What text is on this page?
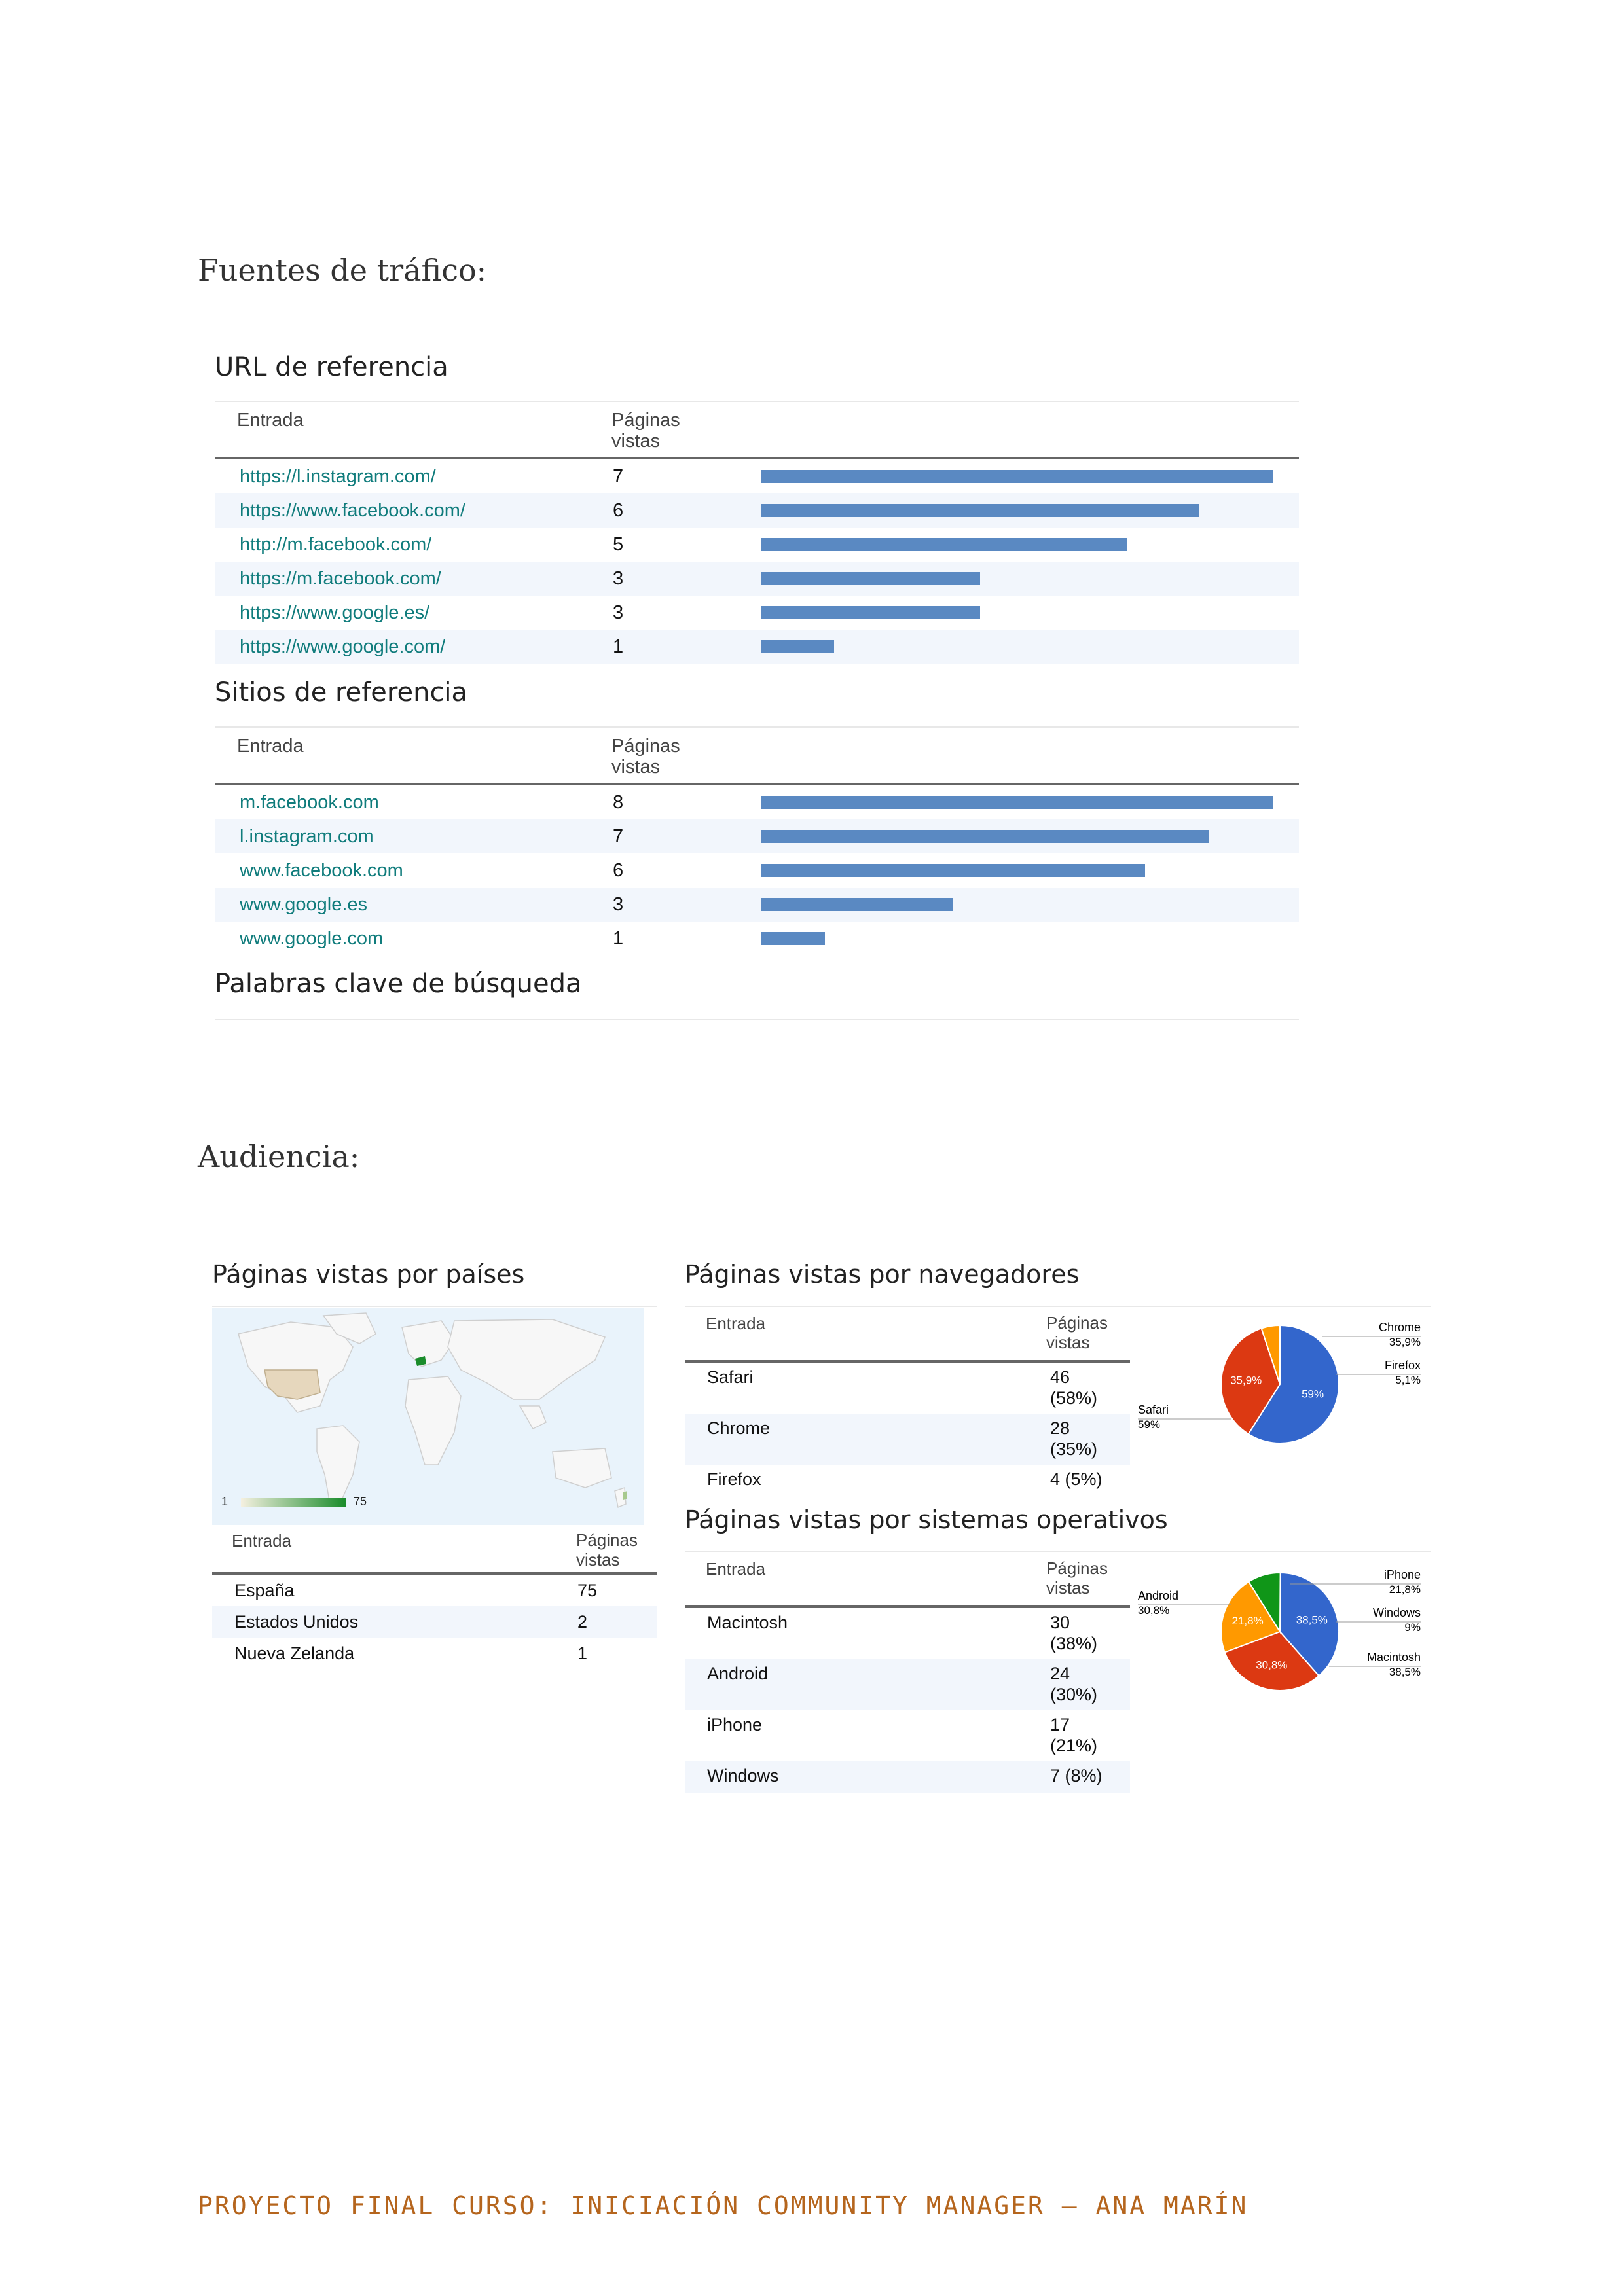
Fuentes de tráfico:
URL de referencia
Entrada	Páginas
vistas
https://l.instagram.com/	7
https://www.facebook.com/	6
http://m.facebook.com/	5
https://m.facebook.com/	3
https://www.google.es/	3
https://www.google.com/	1
Sitios de referencia
Entrada	Páginas
vistas
m.facebook.com	8
l.instagram.com	7
www.facebook.com	6
www.google.es	3
www.google.com	1
Palabras clave de búsqueda
Audiencia:
Páginas vistas por países
1	75
Entrada	Páginas
vistas
España	75
Estados Unidos	2
Nueva Zelanda	1
Páginas vistas por navegadores
Entrada	Páginas
vistas
Safari	46
(58%)
Chrome	28
(35%)
Firefox	4 (5%)
59%
35,9%
Safari
59%
Chrome
35,9%
Firefox
5,1%
Páginas vistas por sistemas operativos
Entrada	Páginas
vistas
Macintosh	30
(38%)
Android	24
(30%)
iPhone	17
(21%)
Windows	7 (8%)
38,5%
30,8%
21,8%
Macintosh
38,5%
Android
30,8%
iPhone
21,8%
Windows
9%
PROYECTO FINAL CURSO: INICIACIÓN COMMUNITY MANAGER – ANA MARÍN
